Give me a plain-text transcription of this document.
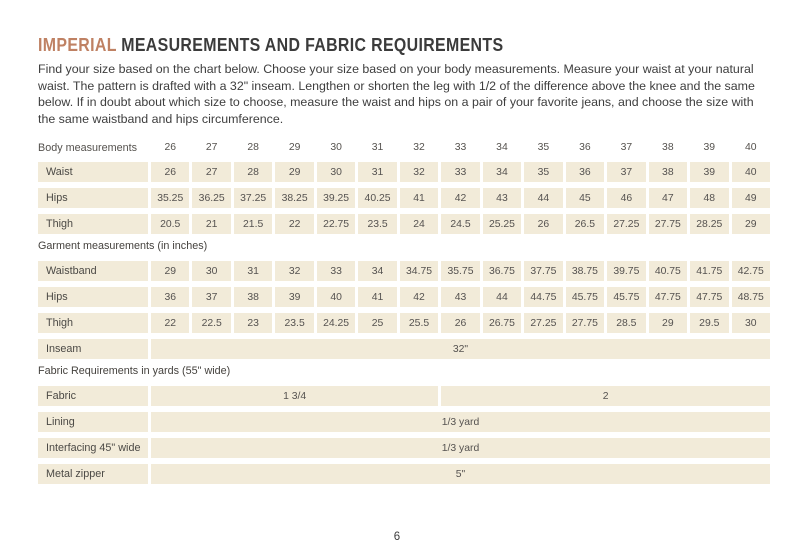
IMPERIAL MEASUREMENTS AND FABRIC REQUIREMENTS
Find your size based on the chart below. Choose your size based on your body measurements. Measure your waist at your natural waist. The pattern is drafted with a 32" inseam. Lengthen or shorten the leg with 1/2 of the difference above the knee and the same below. If in doubt about which size to choose, measure the waist and hips on a pair of your favorite jeans, and choose the size with the same waistband and hips circumference.
Body measurements	26	27	28	29	30	31	32	33	34	35	36	37	38	39	40
Waist	26	27	28	29	30	31	32	33	34	35	36	37	38	39	40
Hips	35.25	36.25	37.25	38.25	39.25	40.25	41	42	43	44	45	46	47	48	49
Thigh	20.5	21	21.5	22	22.75	23.5	24	24.5	25.25	26	26.5	27.25	27.75	28.25	29
Garment measurements (in inches)
Waistband	29	30	31	32	33	34	34.75	35.75	36.75	37.75	38.75	39.75	40.75	41.75	42.75
Hips	36	37	38	39	40	41	42	43	44	44.75	45.75	45.75	47.75	47.75	48.75
Thigh	22	22.5	23	23.5	24.25	25	25.5	26	26.75	27.25	27.75	28.5	29	29.5	30
Inseam	32"
Fabric Requirements in yards (55" wide)
Fabric	1 3/4	2
Lining	1/3 yard
Interfacing 45" wide	1/3 yard
Metal zipper	5"
6
